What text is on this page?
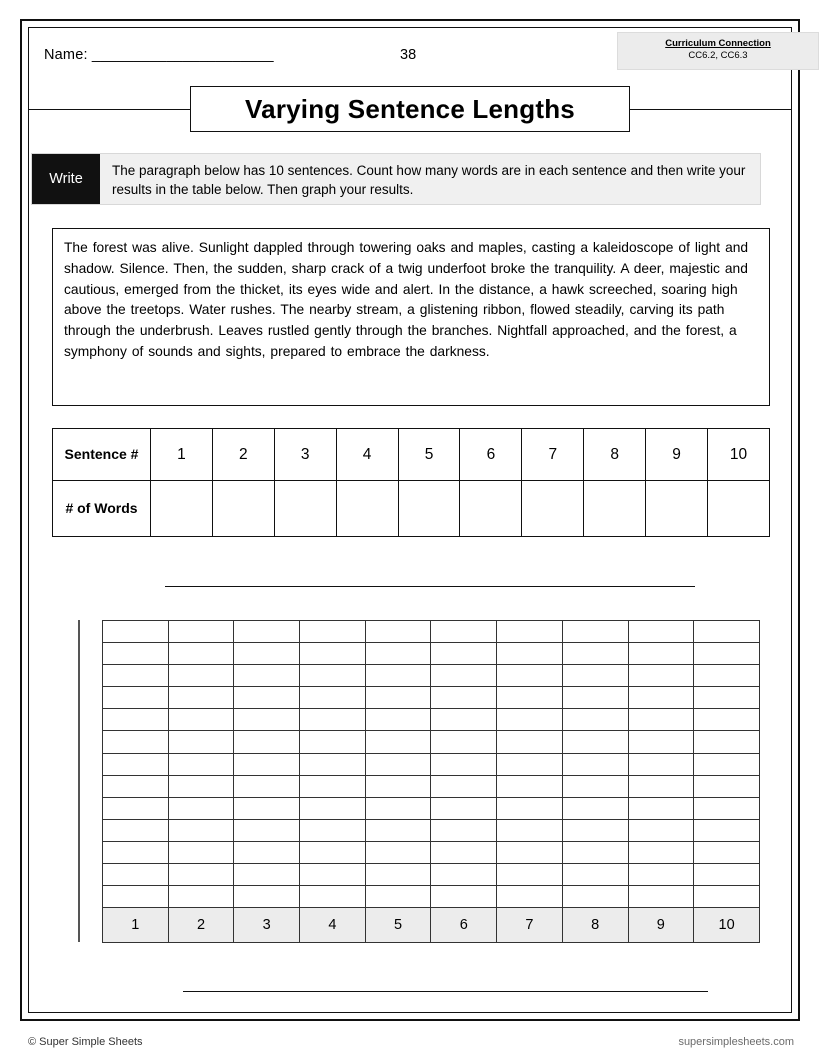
Name: ______________________	38
Curriculum Connection
CC6.2, CC6.3
Varying Sentence Lengths
Write
The paragraph below has 10 sentences. Count how many words are in each sentence and then write your results in the table below. Then graph your results.
The forest was alive. Sunlight dappled through towering oaks and maples, casting a kaleidoscope of light and shadow. Silence. Then, the sudden, sharp crack of a twig underfoot broke the tranquility. A deer, majestic and cautious, emerged from the thicket, its eyes wide and alert. In the distance, a hawk screeched, soaring high above the treetops. Water rushes. The nearby stream, a glistening ribbon, flowed steadily, carving its path through the underbrush. Leaves rustled gently through the branches. Nightfall approached, and the forest, a symphony of sounds and sights, prepared to embrace the darkness.
Sentence #	1	2	3	4	5	6	7	8	9	10
# of Words										

1	2	3	4	5	6	7	8	9	10
© Super Simple Sheets	supersimplesheets.com
